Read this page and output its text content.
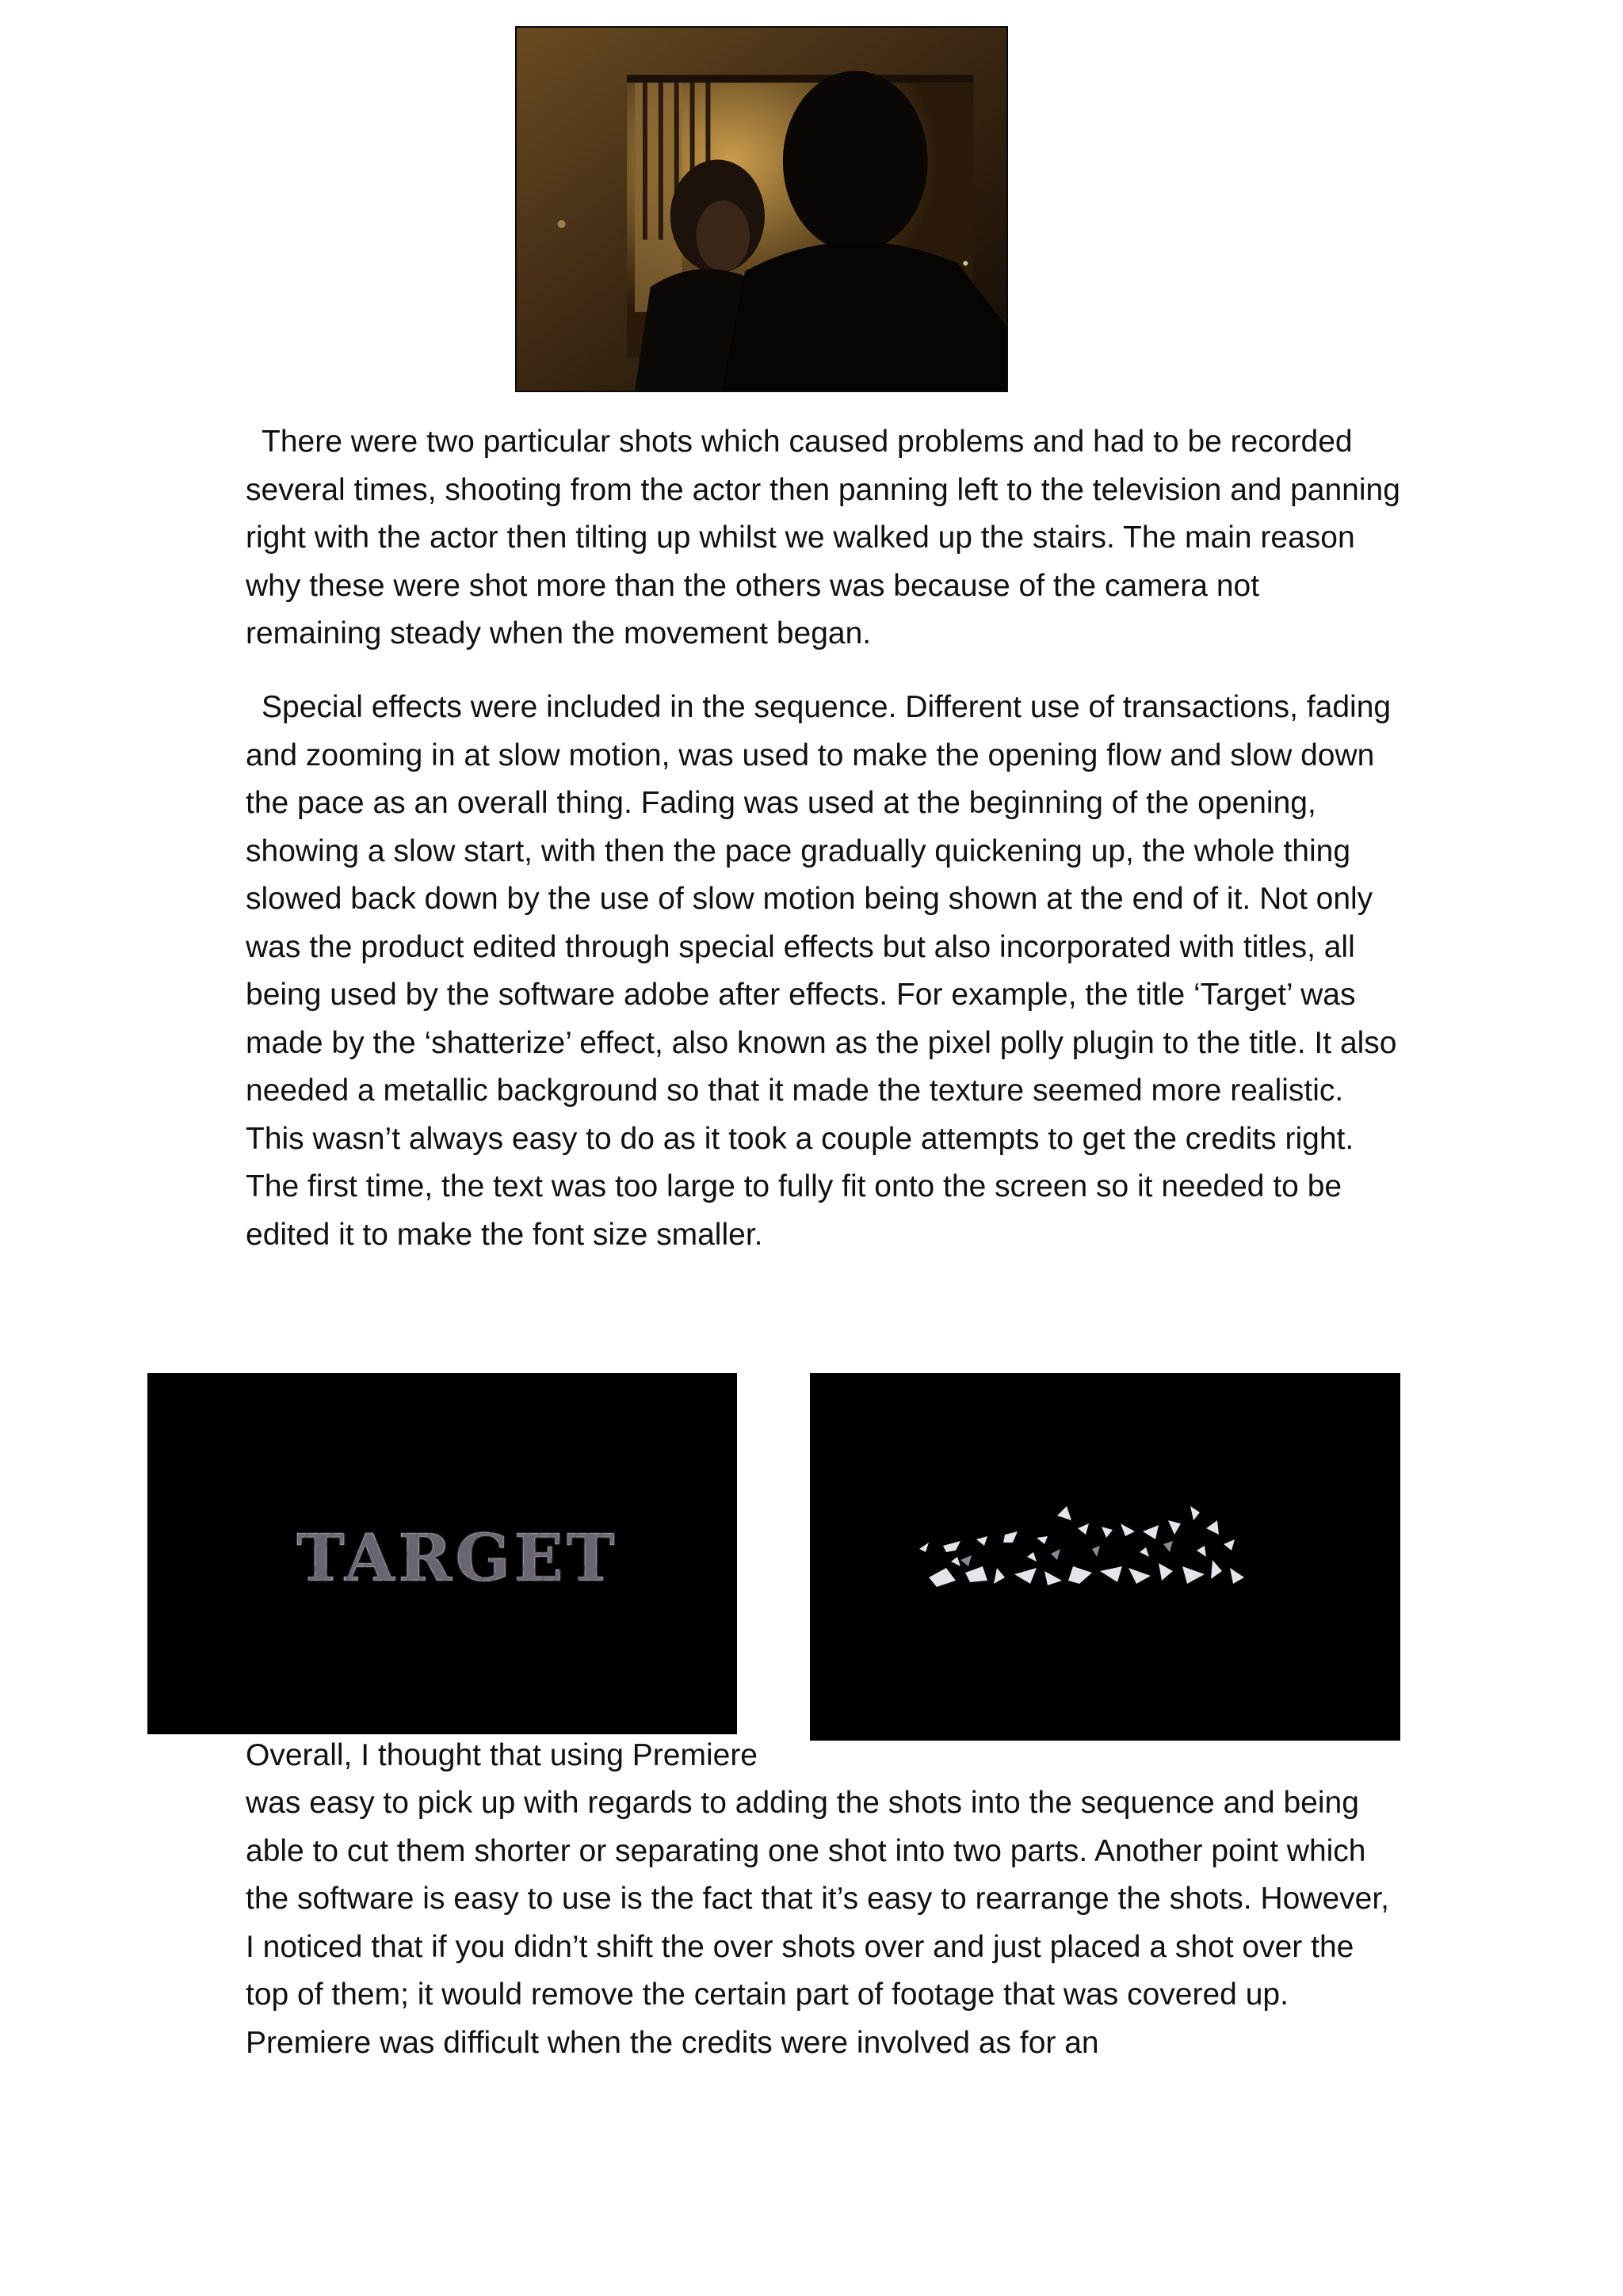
There were two particular shots which caused problems and had to be recorded several times, shooting from the actor then panning left to the television and panning right with the actor then tilting up whilst we walked up the stairs. The main reason why these were shot more than the others was because of the camera not remaining steady when the movement began.

Special effects were included in the sequence. Different use of transactions, fading and zooming in at slow motion, was used to make the opening flow and slow down the pace as an overall thing. Fading was used at the beginning of the opening, showing a slow start, with then the pace gradually quickening up, the whole thing slowed back down by the use of slow motion being shown at the end of it. Not only was the product edited through special effects but also incorporated with titles, all being used by the software adobe after effects. For example, the title ‘Target’ was made by the ‘shatterize’ effect, also known as the pixel polly plugin to the title. It also needed a metallic background so that it made the texture seemed more realistic. This wasn’t always easy to do as it took a couple attempts to get the credits right. The first time, the text was too large to fully fit onto the screen so it needed to be edited it to make the font size smaller.

TARGET

Overall, I thought that using Premiere

was easy to pick up with regards to adding the shots into the sequence and being able to cut them shorter or separating one shot into two parts. Another point which the software is easy to use is the fact that it’s easy to rearrange the shots. However, I noticed that if you didn’t shift the over shots over and just placed a shot over the top of them; it would remove the certain part of footage that was covered up. Premiere was difficult when the credits were involved as for an
